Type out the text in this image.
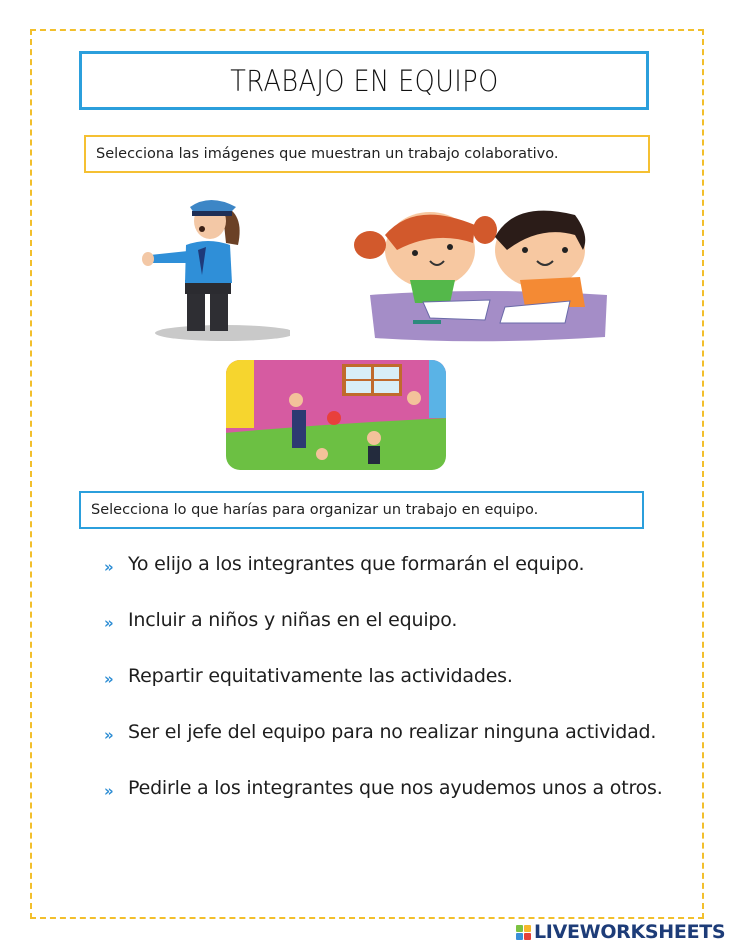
TRABAJO EN EQUIPO
Selecciona las imágenes que muestran un trabajo colaborativo.
Selecciona lo que harías para organizar un trabajo en equipo.
» Yo elijo a los integrantes que formarán el equipo.
» Incluir a niños y niñas en el equipo.
» Repartir equitativamente las actividades.
» Ser el jefe del equipo para no realizar ninguna actividad.
» Pedirle a los integrantes que nos ayudemos unos a otros.
LIVEWORKSHEETS
